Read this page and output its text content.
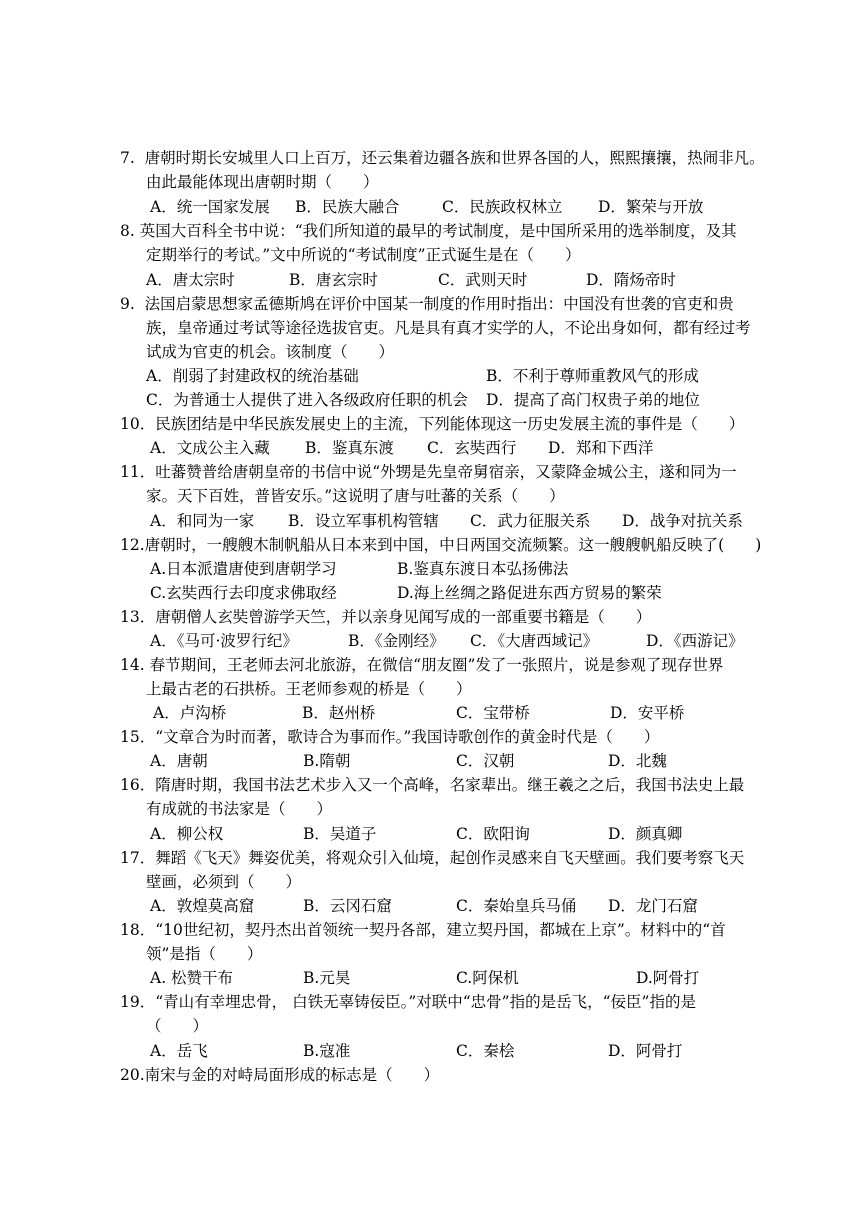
7.  唐朝时期长安城里人口上百万，还云集着边疆各族和世界各国的人，熙熙攘攘，热闹非凡。
由此最能体现出唐朝时期（　　）
A．统一国家发展 B．民族大融合	C．民族政权林立 D．繁荣与开放
8. 英国大百科全书中说：“我们所知道的最早的考试制度，是中国所采用的选举制度，及其
定期举行的考试。”文中所说的“考试制度”正式诞生是在（　　）
A．唐太宗时	B．唐玄宗时	C．武则天时	D．隋炀帝时
9.  法国启蒙思想家孟德斯鸠在评价中国某一制度的作用时指出：中国没有世袭的官吏和贵
族，皇帝通过考试等途径选拔官吏。凡是具有真才实学的人，不论出身如何，都有经过考
试成为官吏的机会。该制度（　　）
A．削弱了封建政权的统治基础	B．不利于尊师重教风气的形成
C．为普通士人提供了进入各级政府任职的机会 D．提高了高门权贵子弟的地位
10．民族团结是中华民族发展史上的主流，下列能体现这一历史发展主流的事件是（　　）
A．文成公主入藏 B．鉴真东渡 C．玄奘西行 D．郑和下西洋
11．吐蕃赞普给唐朝皇帝的书信中说“外甥是先皇帝舅宿亲，又蒙降金城公主，遂和同为一
家。天下百姓，普皆安乐。”这说明了唐与吐蕃的关系（　　）
A．和同为一家 B．设立军事机构管辖 C．武力征服关系 D．战争对抗关系
12.唐朝时，一艘艘木制帆船从日本来到中国，中日两国交流频繁。这一艘艘帆船反映了(　　)
A.日本派遣唐使到唐朝学习	B.鉴真东渡日本弘扬佛法
C.玄奘西行去印度求佛取经	D.海上丝绸之路促进东西方贸易的繁荣
13．唐朝僧人玄奘曾游学天竺，并以亲身见闻写成的一部重要书籍是（　　）
A．《马可·波罗行纪》	B．《金刚经》 C．《大唐西域记》	D．《西游记》
14. 春节期间，王老师去河北旅游，在微信“朋友圈”发了一张照片，说是参观了现存世界
上最古老的石拱桥。王老师参观的桥是（　　）
A．卢沟桥	B．赵州桥	C．宝带桥	D．安平桥
15．“文章合为时而著，歌诗合为事而作。”我国诗歌创作的黄金时代是（　　）
A．唐朝	B.隋朝	C．汉朝	D．北魏
16．隋唐时期，我国书法艺术步入又一个高峰，名家辈出。继王羲之之后，我国书法史上最
有成就的书法家是（　　）
A．柳公权	B．吴道子	C．欧阳询	D．颜真卿
17．舞蹈《飞天》舞姿优美，将观众引入仙境，起创作灵感来自飞天壁画。我们要考察飞天
壁画，必须到（　　）
A．敦煌莫高窟	B．云冈石窟	C．秦始皇兵马俑 D．龙门石窟
18．“10世纪初，契丹杰出首领统一契丹各部，建立契丹国，都城在上京”。材料中的“首
领”是指（　　）
A. 松赞干布	B.元昊	C.阿保机	D.阿骨打
19．“青山有幸埋忠骨， 白铁无辜铸佞臣。”对联中“忠骨”指的是岳飞，“佞臣”指的是
（　　）
A．岳飞	B.寇准	C．秦桧	D．阿骨打
20.南宋与金的对峙局面形成的标志是（　　）
